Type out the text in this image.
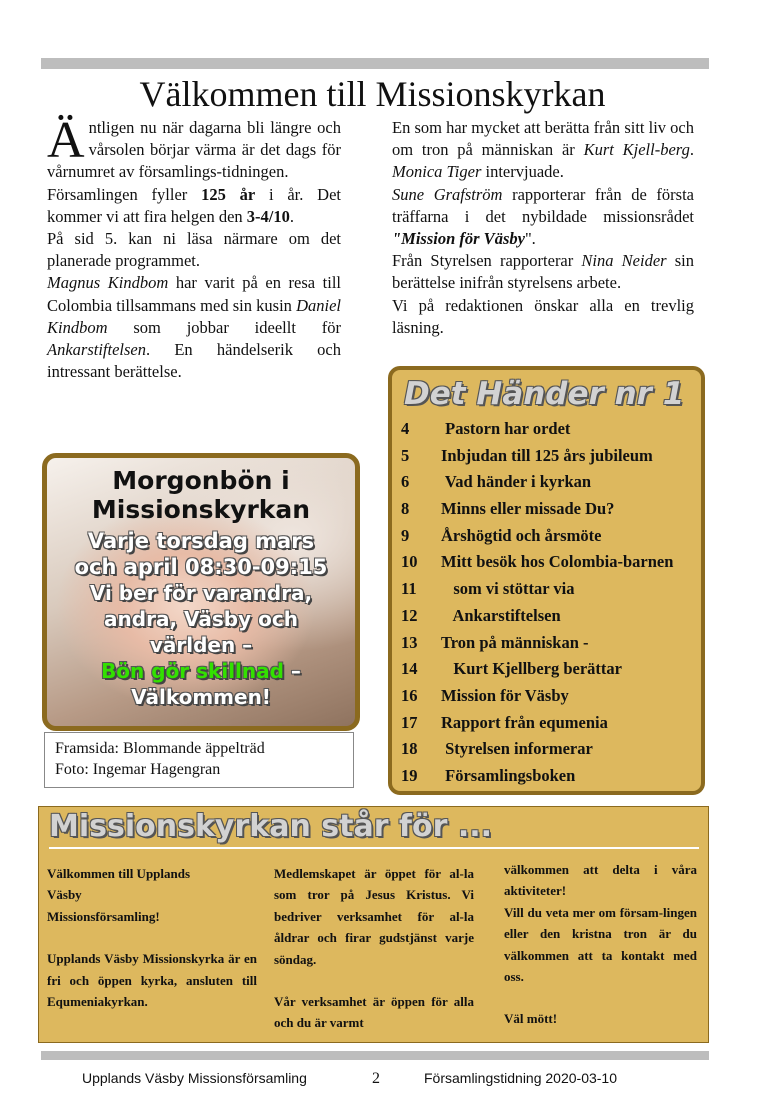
Välkommen till Missionskyrkan

Äntligen nu när dagarna bli längre och vårsolen börjar värma är det dags för vårnumret av församlings-tidningen.

Församlingen fyller 125 år i år. Det kommer vi att fira helgen den 3-4/10.

På sid 5. kan ni läsa närmare om det planerade programmet.

Magnus Kindbom har varit på en resa till Colombia tillsammans med sin kusin Daniel Kindbom som jobbar ideellt för Ankarstiftelsen. En händelserik och intressant berättelse.

En som har mycket att berätta från sitt liv och om tron på människan är Kurt Kjell-berg. Monica Tiger intervjuade.

Sune Grafström rapporterar från de första träffarna i det nybildade missionsrådet "Mission för Väsby".

Från Styrelsen rapporterar Nina Neider sin berättelse inifrån styrelsens arbete.

Vi på redaktionen önskar alla en trevlig läsning.

Morgonbön i
Missionskyrkan
Varje torsdag mars
och april 08:30-09:15
Vi ber för varandra,
andra, Väsby och
världen –
Bön gör skillnad –
Välkommen!
Framsida: Blommande äppelträd
Foto: Ingemar Hagengran
Det Händer nr 1
4 Pastorn har ordet
5 Inbjudan till 125 års jubileum
6 Vad händer i kyrkan
8 Minns eller missade Du?
9 Årshögtid och årsmöte
10 Mitt besök hos Colombia-barnen
11   som vi stöttar via
12   Ankarstiftelsen
13 Tron på människan -
14   Kurt Kjellberg berättar
16 Mission för Väsby
17 Rapport från equmenia
18 Styrelsen informerar
19 Församlingsboken
Missionskyrkan står för ...

Välkommen till Upplands Väsby Missionsförsamling!

Upplands Väsby Missionskyrka är en fri och öppen kyrka, ansluten till Equmeniakyrkan.

Medlemskapet är öppet för al-la som tror på Jesus Kristus. Vi bedriver verksamhet för al-la åldrar och firar gudstjänst varje söndag.

Vår verksamhet är öppen för alla och du är varmt

välkommen att delta i våra aktiviteter!

Vill du veta mer om försam-lingen eller den kristna tron är du välkommen att ta kontakt med oss.

Väl mött!

Upplands Väsby Missionsförsamling	2	Församlingstidning 2020-03-10
